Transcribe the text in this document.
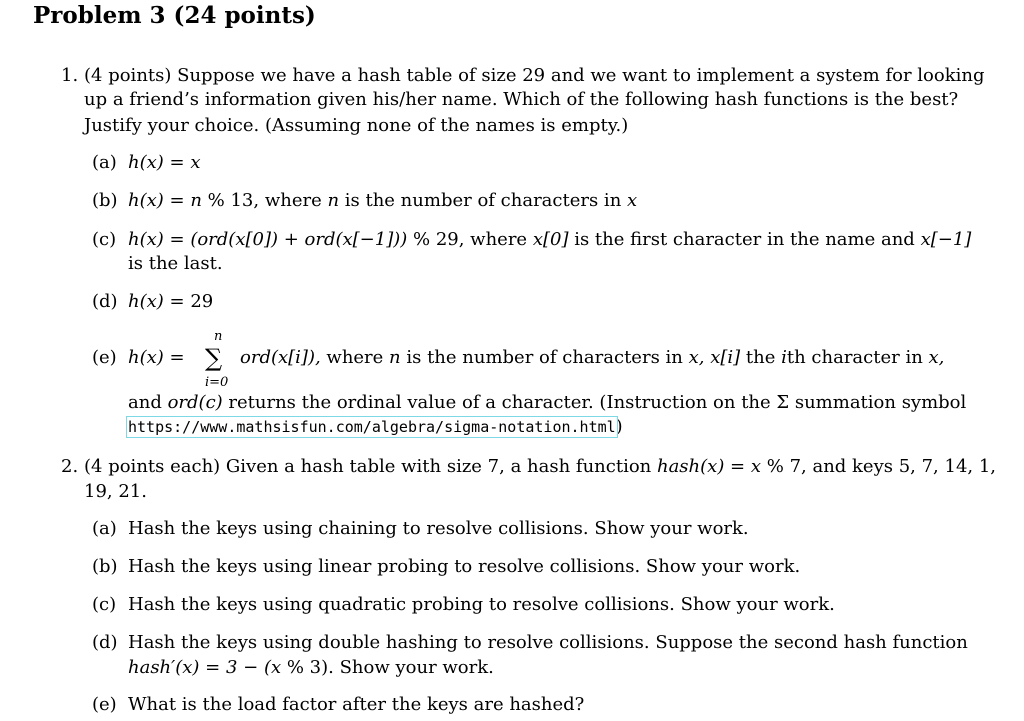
Problem 3 (24 points)
1. (4 points) Suppose we have a hash table of size 29 and we want to implement a system for looking
up a friend’s information given his/her name. Which of the following hash functions is the best?
Justify your choice. (Assuming none of the names is empty.)
(a) h(x) = x
(b) h(x) = n % 13, where n is the number of characters in x
(c) h(x) = (ord(x[0]) + ord(x[−1])) % 29, where x[0] is the first character in the name and x[−1]
is the last.
(d) h(x) = 29
(e) h(x) =
n
∑
i=0
ord(x[i]), where n is the number of characters in x, x[i] the ith character in x,
and ord(c) returns the ordinal value of a character. (Instruction on the Σ summation symbol
https://www.mathsisfun.com/algebra/sigma-notation.html)
2. (4 points each) Given a hash table with size 7, a hash function hash(x) = x % 7, and keys 5, 7, 14, 1,
19, 21.
(a) Hash the keys using chaining to resolve collisions. Show your work.
(b) Hash the keys using linear probing to resolve collisions. Show your work.
(c) Hash the keys using quadratic probing to resolve collisions. Show your work.
(d) Hash the keys using double hashing to resolve collisions. Suppose the second hash function
hash′(x) = 3 − (x % 3). Show your work.
(e) What is the load factor after the keys are hashed?
